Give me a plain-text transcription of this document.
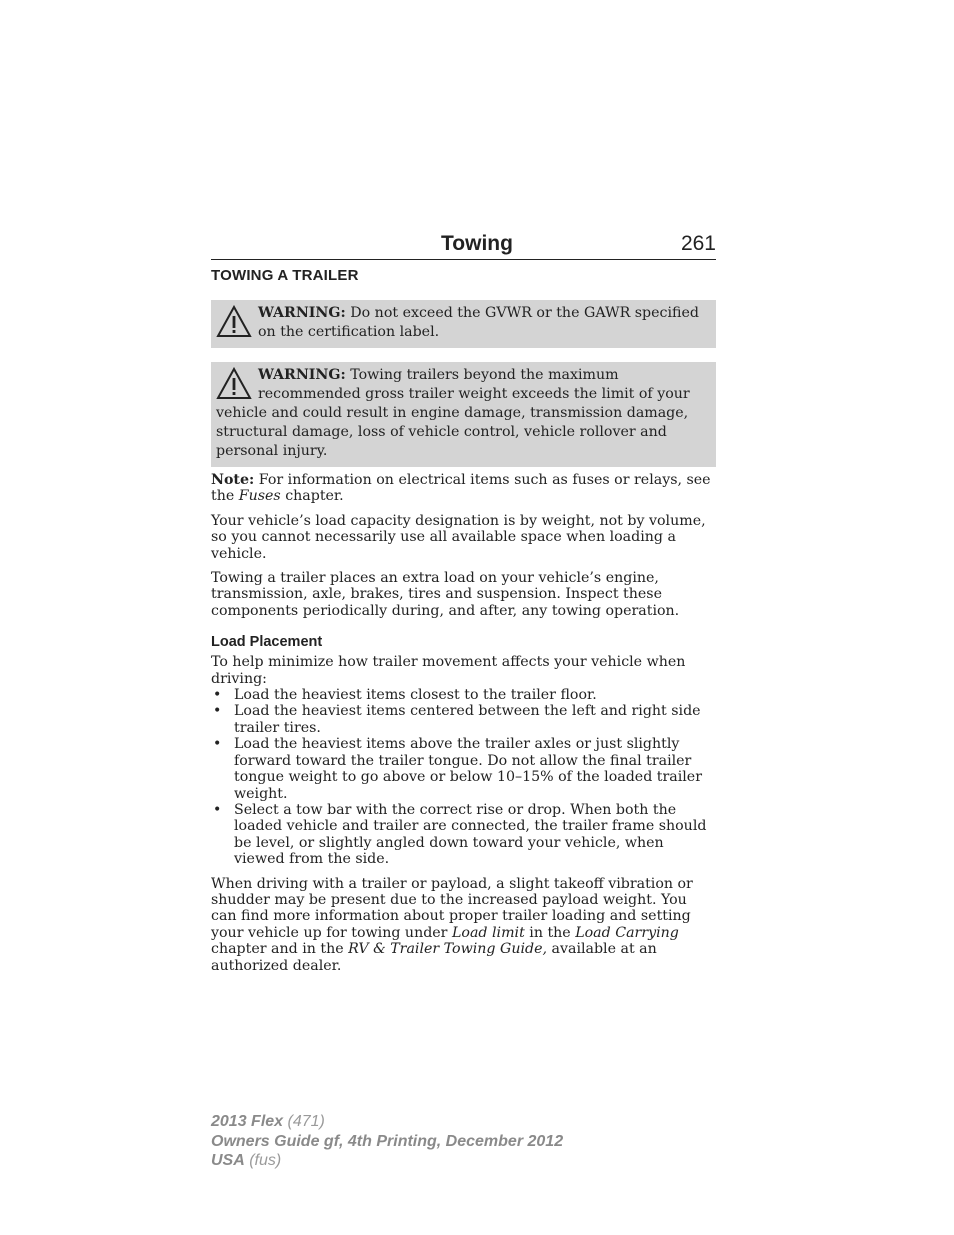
Towing	261
TOWING A TRAILER
WARNING: Do not exceed the GVWR or the GAWR specified on the certification label.
WARNING: Towing trailers beyond the maximum recommended gross trailer weight exceeds the limit of your vehicle and could result in engine damage, transmission damage, structural damage, loss of vehicle control, vehicle rollover and personal injury.

Note: For information on electrical items such as fuses or relays, see the Fuses chapter.

Your vehicle’s load capacity designation is by weight, not by volume, so you cannot necessarily use all available space when loading a vehicle.

Towing a trailer places an extra load on your vehicle’s engine, transmission, axle, brakes, tires and suspension. Inspect these components periodically during, and after, any towing operation.

Load Placement

To help minimize how trailer movement affects your vehicle when driving:

• Load the heaviest items closest to the trailer floor.
• Load the heaviest items centered between the left and right side trailer tires.
• Load the heaviest items above the trailer axles or just slightly forward toward the trailer tongue. Do not allow the final trailer tongue weight to go above or below 10–15% of the loaded trailer weight.
• Select a tow bar with the correct rise or drop. When both the loaded vehicle and trailer are connected, the trailer frame should be level, or slightly angled down toward your vehicle, when viewed from the side.

When driving with a trailer or payload, a slight takeoff vibration or shudder may be present due to the increased payload weight. You can find more information about proper trailer loading and setting your vehicle up for towing under Load limit in the Load Carrying chapter and in the RV & Trailer Towing Guide, available at an authorized dealer.

2013 Flex (471)
Owners Guide gf, 4th Printing, December 2012
USA (fus)
